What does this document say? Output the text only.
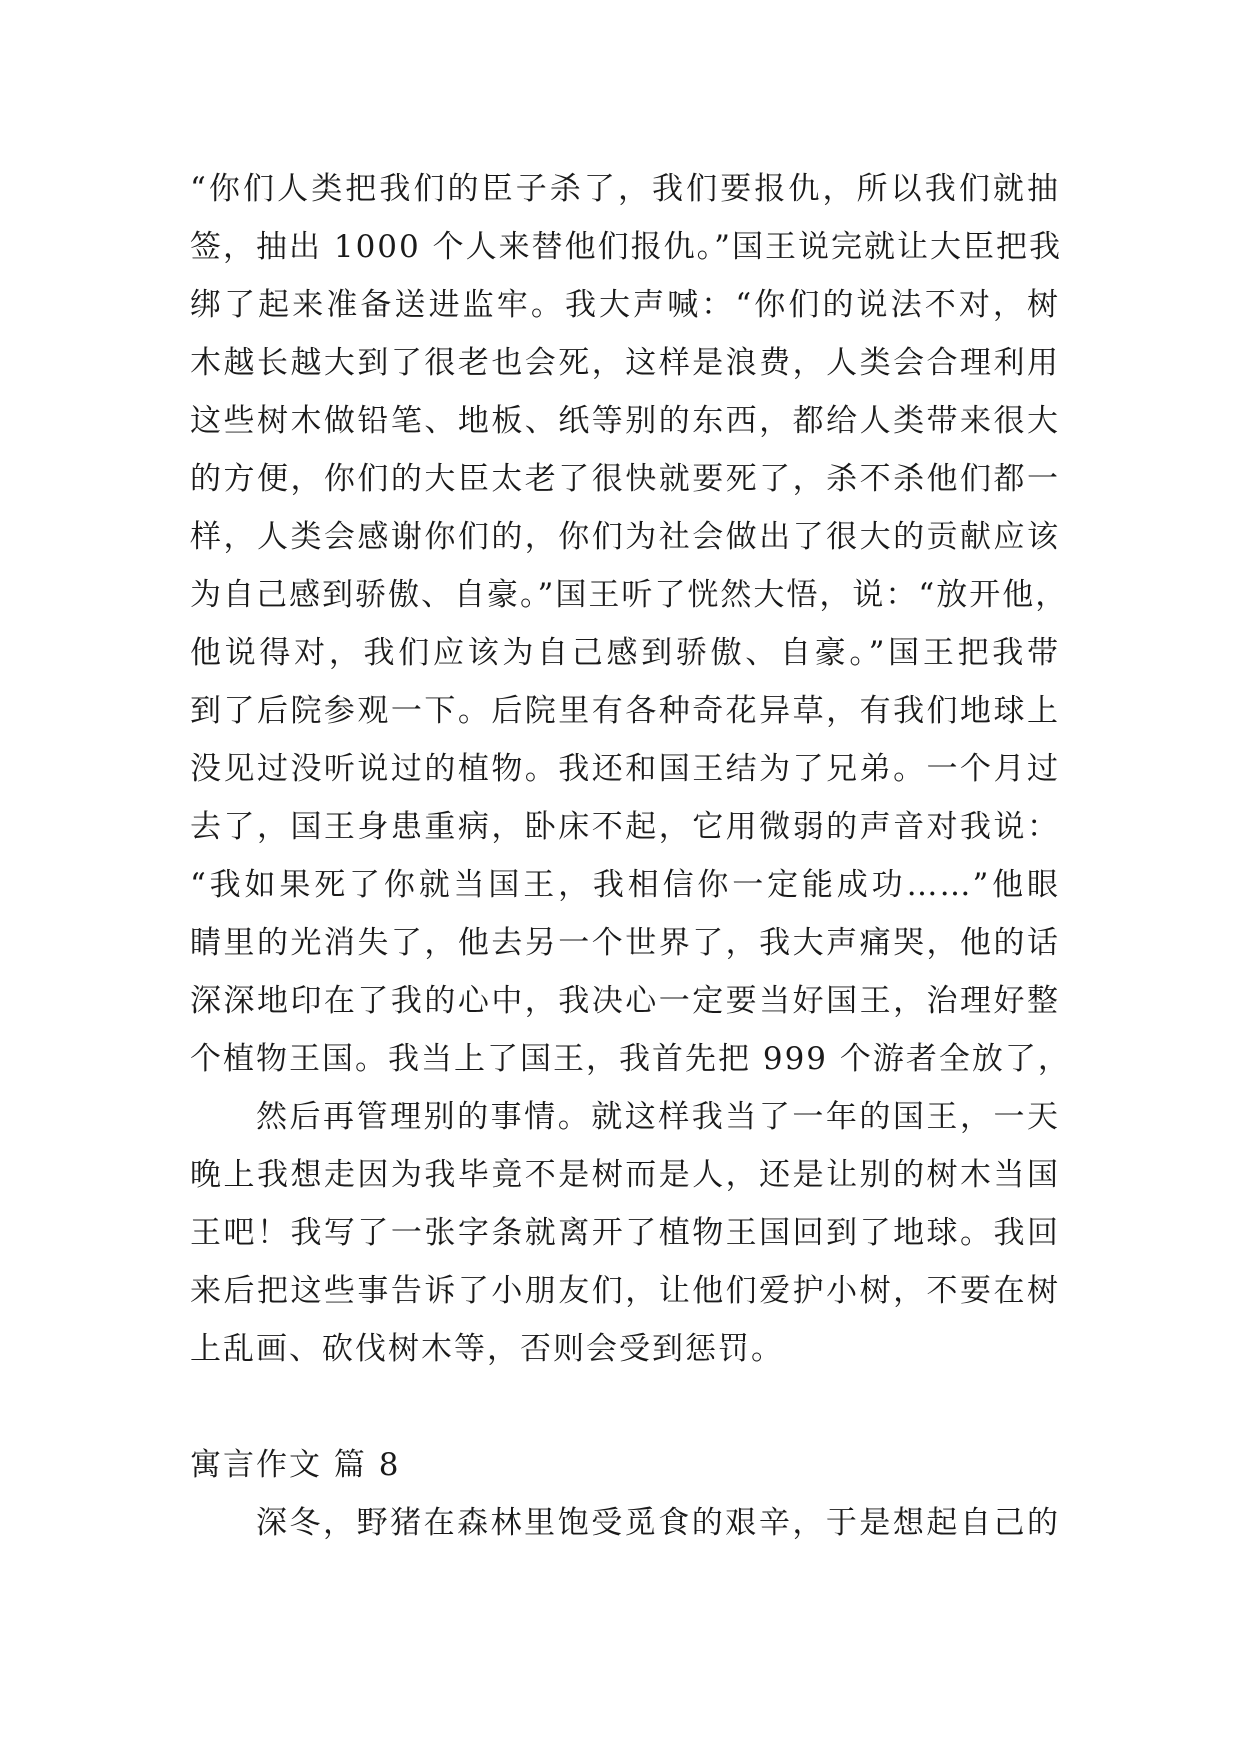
“你们人类把我们的臣子杀了，我们要报仇，所以我们就抽
签，抽出 1000 个人来替他们报仇。”国王说完就让大臣把我
绑了起来准备送进监牢。我大声喊：“你们的说法不对，树
木越长越大到了很老也会死，这样是浪费，人类会合理利用
这些树木做铅笔、地板、纸等别的东西，都给人类带来很大
的方便，你们的大臣太老了很快就要死了，杀不杀他们都一
样，人类会感谢你们的，你们为社会做出了很大的贡献应该
为自己感到骄傲、自豪。”国王听了恍然大悟，说：“放开他，
他说得对，我们应该为自己感到骄傲、自豪。”国王把我带
到了后院参观一下。后院里有各种奇花异草，有我们地球上
没见过没听说过的植物。我还和国王结为了兄弟。一个月过
去了，国王身患重病，卧床不起，它用微弱的声音对我说：
“我如果死了你就当国王，我相信你一定能成功……”他眼
睛里的光消失了，他去另一个世界了，我大声痛哭，他的话
深深地印在了我的心中，我决心一定要当好国王，治理好整
个植物王国。我当上了国王，我首先把 999 个游者全放了，
然后再管理别的事情。就这样我当了一年的国王，一天
晚上我想走因为我毕竟不是树而是人，还是让别的树木当国
王吧！我写了一张字条就离开了植物王国回到了地球。我回
来后把这些事告诉了小朋友们，让他们爱护小树，不要在树
上乱画、砍伐树木等，否则会受到惩罚。
寓言作文 篇 8
深冬，野猪在森林里饱受觅食的艰辛，于是想起自己的
